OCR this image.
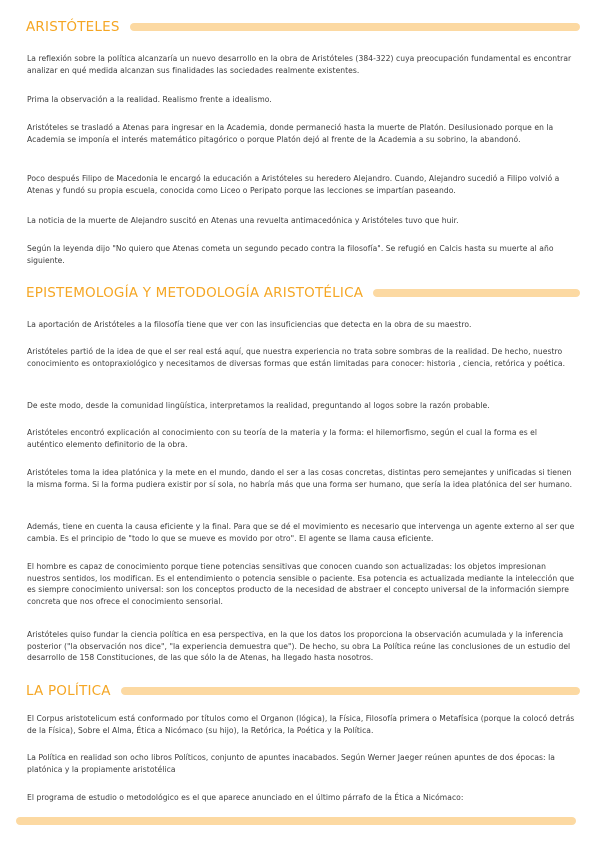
ARISTÓTELES

La reflexión sobre la política alcanzaría un nuevo desarrollo en la obra de Aristóteles (384-322) cuya preocupación fundamental es encontrar analizar en qué medida alcanzan sus finalidades las sociedades realmente existentes.

Prima la observación a la realidad. Realismo frente a idealismo.

Aristóteles se trasladó a Atenas para ingresar en la Academia, donde permaneció hasta la muerte de Platón. Desilusionado porque en la Academia se imponía el interés matemático pitagórico o porque Platón dejó al frente de la Academia a su sobrino, la abandonó.

Poco después Filipo de Macedonia le encargó la educación a Aristóteles su heredero Alejandro. Cuando, Alejandro sucedió a Filipo volvió a Atenas y fundó su propia escuela, conocida como Liceo o Peripato porque las lecciones se impartían paseando.

La noticia de la muerte de Alejandro suscitó en Atenas una revuelta antimacedónica y Aristóteles tuvo que huir.

Según la leyenda dijo "No quiero que Atenas cometa un segundo pecado contra la filosofía". Se refugió en Calcis hasta su muerte al año siguiente.

EPISTEMOLOGÍA Y METODOLOGÍA ARISTOTÉLICA

La aportación de Aristóteles a la filosofía tiene que ver con las insuficiencias que detecta en la obra de su maestro.

Aristóteles partió de la idea de que el ser real está aquí, que nuestra experiencia no trata sobre sombras de la realidad. De hecho, nuestro conocimiento es ontopraxiológico y necesitamos de diversas formas que están limitadas para conocer: historia , ciencia, retórica y poética.

De este modo, desde la comunidad lingüística, interpretamos la realidad, preguntando al logos sobre la razón probable.

Aristóteles encontró explicación al conocimiento con su teoría de la materia y la forma: el hilemorfismo, según el cual la forma es el auténtico elemento definitorio de la obra.

Aristóteles toma la idea platónica y la mete en el mundo, dando el ser a las cosas concretas, distintas pero semejantes y unificadas si tienen la misma forma. Si la forma pudiera existir por sí sola, no habría más que una forma ser humano, que sería la idea platónica del ser humano.

Además, tiene en cuenta la causa eficiente y la final. Para que se dé el movimiento es necesario que intervenga un agente externo al ser que cambia. Es el principio de "todo lo que se mueve es movido por otro". El agente se llama causa eficiente.

El hombre es capaz de conocimiento porque tiene potencias sensitivas que conocen cuando son actualizadas: los objetos impresionan nuestros sentidos, los modifican. Es el entendimiento o potencia sensible o paciente. Esa potencia es actualizada mediante la intelección que es siempre conocimiento universal: son los conceptos producto de la necesidad de abstraer el concepto universal de la información siempre concreta que nos ofrece el conocimiento sensorial.

Aristóteles quiso fundar la ciencia política en esa perspectiva, en la que los datos los proporciona la observación acumulada y la inferencia posterior ("la observación nos dice", "la experiencia demuestra que"). De hecho, su obra La Política reúne las conclusiones de un estudio del desarrollo de 158 Constituciones, de las que sólo la de Atenas, ha llegado hasta nosotros.

LA POLÍTICA

El Corpus aristotelicum está conformado por títulos como el Organon (lógica), la Física, Filosofía primera o Metafísica (porque la colocó detrás de la Física), Sobre el Alma, Ética a Nicómaco (su hijo), la Retórica, la Poética y la Política.

La Política en realidad son ocho libros Políticos, conjunto de apuntes inacabados. Según Werner Jaeger reúnen apuntes de dos épocas: la platónica y la propiamente aristotélica

El programa de estudio o metodológico es el que aparece anunciado en el último párrafo de la Ética a Nicómaco:
